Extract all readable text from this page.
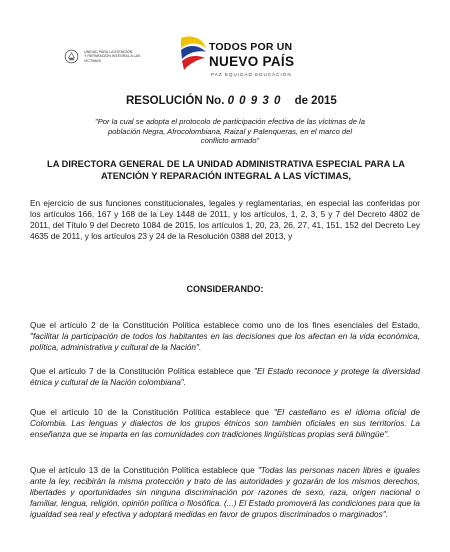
UNIDAD PARA LA ATENCIÓN
Y REPARACIÓN INTEGRAL A LAS VÍCTIMAS
TODOS POR UN
NUEVO PAÍS
PAZ EQUIDAD EDUCACIÓN
RESOLUCIÓN No. 0 0 9 3 0 de 2015
"Por la cual se adopta el protocolo de participación efectiva de las víctimas de la población Negra, Afrocolombiana, Raizal y Palenqueras, en el marco del conflicto armado"
LA DIRECTORA GENERAL DE LA UNIDAD ADMINISTRATIVA ESPECIAL PARA LA ATENCIÓN Y REPARACIÓN INTEGRAL A LAS VÍCTIMAS,
En ejercicio de sus funciones constitucionales, legales y reglamentarias, en especial las conferidas por los artículos 166, 167 y 168 de la Ley 1448 de 2011, y los artículos, 1, 2, 3, 5 y 7 del Decreto 4802 de 2011, del Título 9 del Decreto 1084 de 2015, los artículos 1, 20, 23, 26, 27, 41, 151, 152 del Decreto Ley 4635 de 2011, y los artículos 23 y 24 de la Resolución 0388 del 2013, y
CONSIDERANDO:
Que el artículo 2 de la Constitución Política establece como uno de los fines esenciales del Estado, "facilitar la participación de todos los habitantes en las decisiones que los afectan en la vida económica, política, administrativa y cultural de la Nación".
Que el artículo 7 de la Constitución Política establece que "El Estado reconoce y protege la diversidad étnica y cultural de la Nación colombiana".
Que el artículo 10 de la Constitución Política establece que "El castellano es el idioma oficial de Colombia. Las lenguas y dialectos de los grupos étnicos son también oficiales en sus territorios. La enseñanza que se imparta en las comunidades con tradiciones lingüísticas propias será bilingüe".
Que el artículo 13 de la Constitución Política establece que "Todas las personas nacen libres e iguales ante la ley, recibirán la misma protección y trato de las autoridades y gozarán de los mismos derechos, libertades y oportunidades sin ninguna discriminación por razones de sexo, raza, origen nacional o familiar, lengua, religión, opinión política o filosófica. (...) El Estado promoverá las condiciones para que la igualdad sea real y efectiva y adoptará medidas en favor de grupos discriminados o marginados".
